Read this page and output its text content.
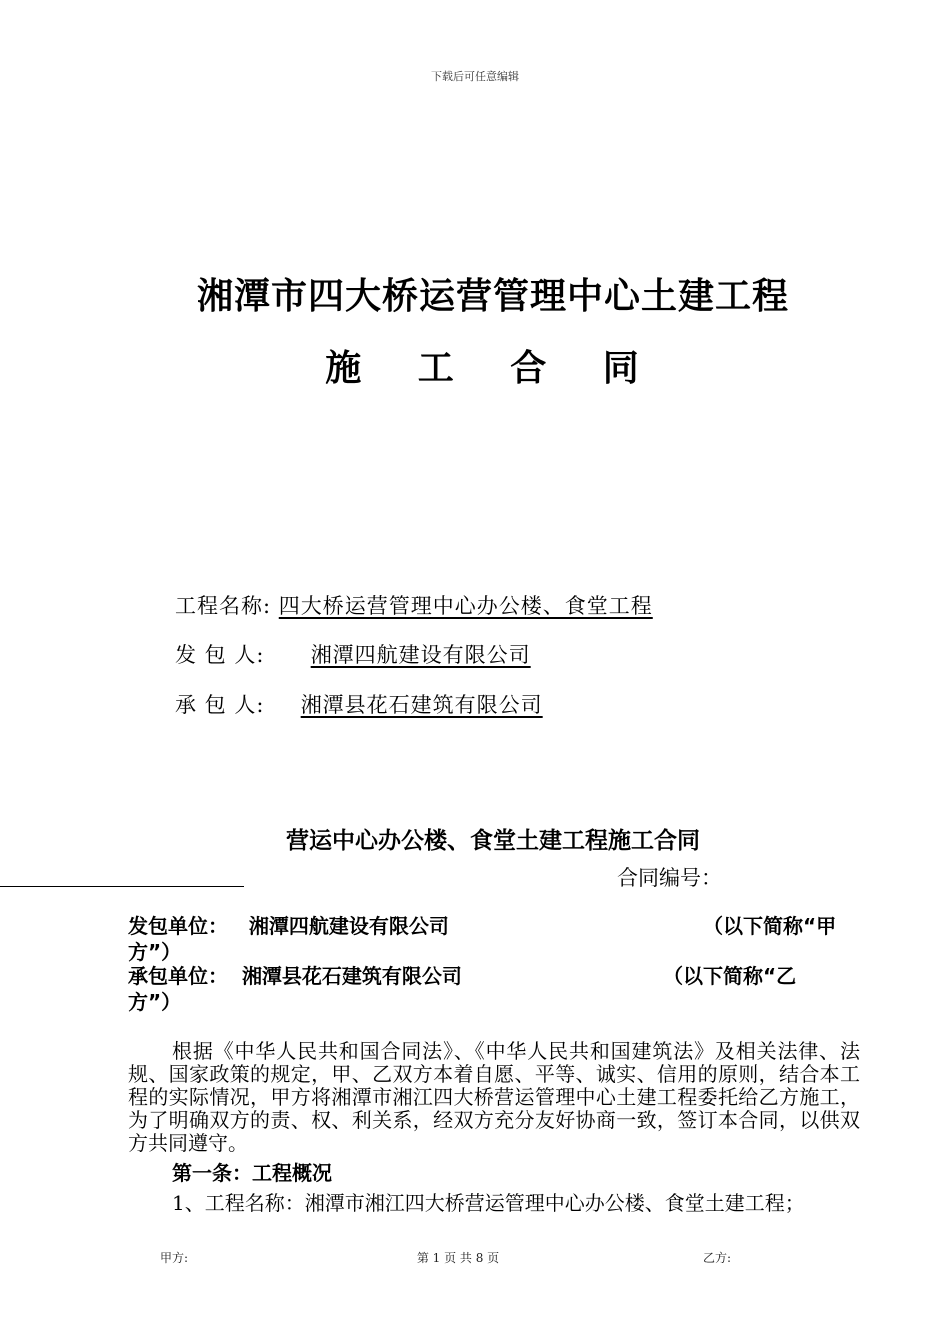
下载后可任意编辑
湘潭市四大桥运营管理中心土建工程
施 工 合 同
工程名称: 四大桥运营管理中心办公楼、食堂工程
发 包 人: 湘潭四航建设有限公司
承 包 人: 湘潭县花石建筑有限公司
营运中心办公楼、食堂土建工程施工合同
合同编号：
发包单位： 湘潭四航建设有限公司	（以下简称“甲

方”）
承包单位： 湘潭县花石建筑有限公司	（以下简称“乙

方”）
根据《中华人民共和国合同法》、《中华人民共和国建筑法》及相关法律、法规、国家政策的规定，甲、乙双方本着自愿、平等、诚实、信用的原则，结合本工程的实际情况，甲方将湘潭市湘江四大桥营运管理中心土建工程委托给乙方施工，为了明确双方的责、权、利关系，经双方充分友好协商一致，签订本合同，以供双方共同遵守。
第一条：工程概况
1、工程名称：湘潭市湘江四大桥营运管理中心办公楼、食堂土建工程；
甲方:	第 1 页 共 8 页	乙方:
